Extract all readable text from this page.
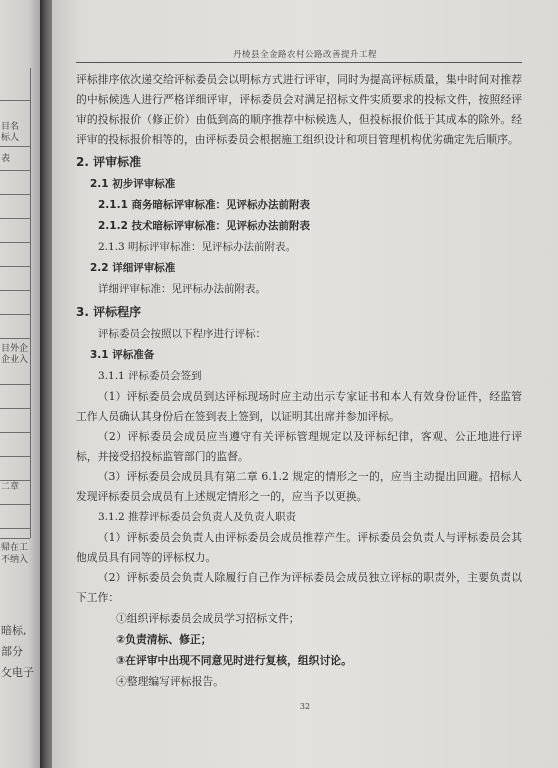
目名
标人
表
目外企
企业入
二章
帰在工
不纳入
暗标,
部分
攵电子
丹棱县全金路农村公路改善提升工程

评标排序依次递交给评标委员会以明标方式进行评审，同时为提高评标质量，集中时间对推荐的中标候选人进行严格详细评审，评标委员会对满足招标文件实质要求的投标文件，按照经评审的投标报价（修正价）由低到高的顺序推荐中标候选人，但投标报价低于其成本的除外。经评审的投标报价相等的，由评标委员会根据施工组织设计和项目管理机构优劣确定先后顺序。

2. 评审标准

2.1 初步评审标准

2.1.1 商务暗标评审标准：见评标办法前附表

2.1.2 技术暗标评审标准：见评标办法前附表

2.1.3 明标评审标准：见评标办法前附表。

2.2 详细评审标准

详细评审标准：见评标办法前附表。

3. 评标程序

评标委员会按照以下程序进行评标：

3.1 评标准备

3.1.1 评标委员会签到

（1）评标委员会成员到达评标现场时应主动出示专家证书和本人有效身份证件，经监管工作人员确认其身份后在签到表上签到，以证明其出席并参加评标。

（2）评标委员会成员应当遵守有关评标管理规定以及评标纪律，客观、公正地进行评标，并接受招投标监管部门的监督。

（3）评标委员会成员具有第二章 6.1.2 规定的情形之一的，应当主动提出回避。招标人发现评标委员会成员有上述规定情形之一的，应当予以更换。

3.1.2 推荐评标委员会负责人及负责人职责

（1）评标委员会负责人由评标委员会成员推荐产生。评标委员会负责人与评标委员会其他成员具有同等的评标权力。

（2）评标委员会负责人除履行自己作为评标委员会成员独立评标的职责外，主要负责以下工作：

①组织评标委员会成员学习招标文件；

②负责清标、修正；

③在评审中出现不同意见时进行复核，组织讨论。

④整理编写评标报告。

32
